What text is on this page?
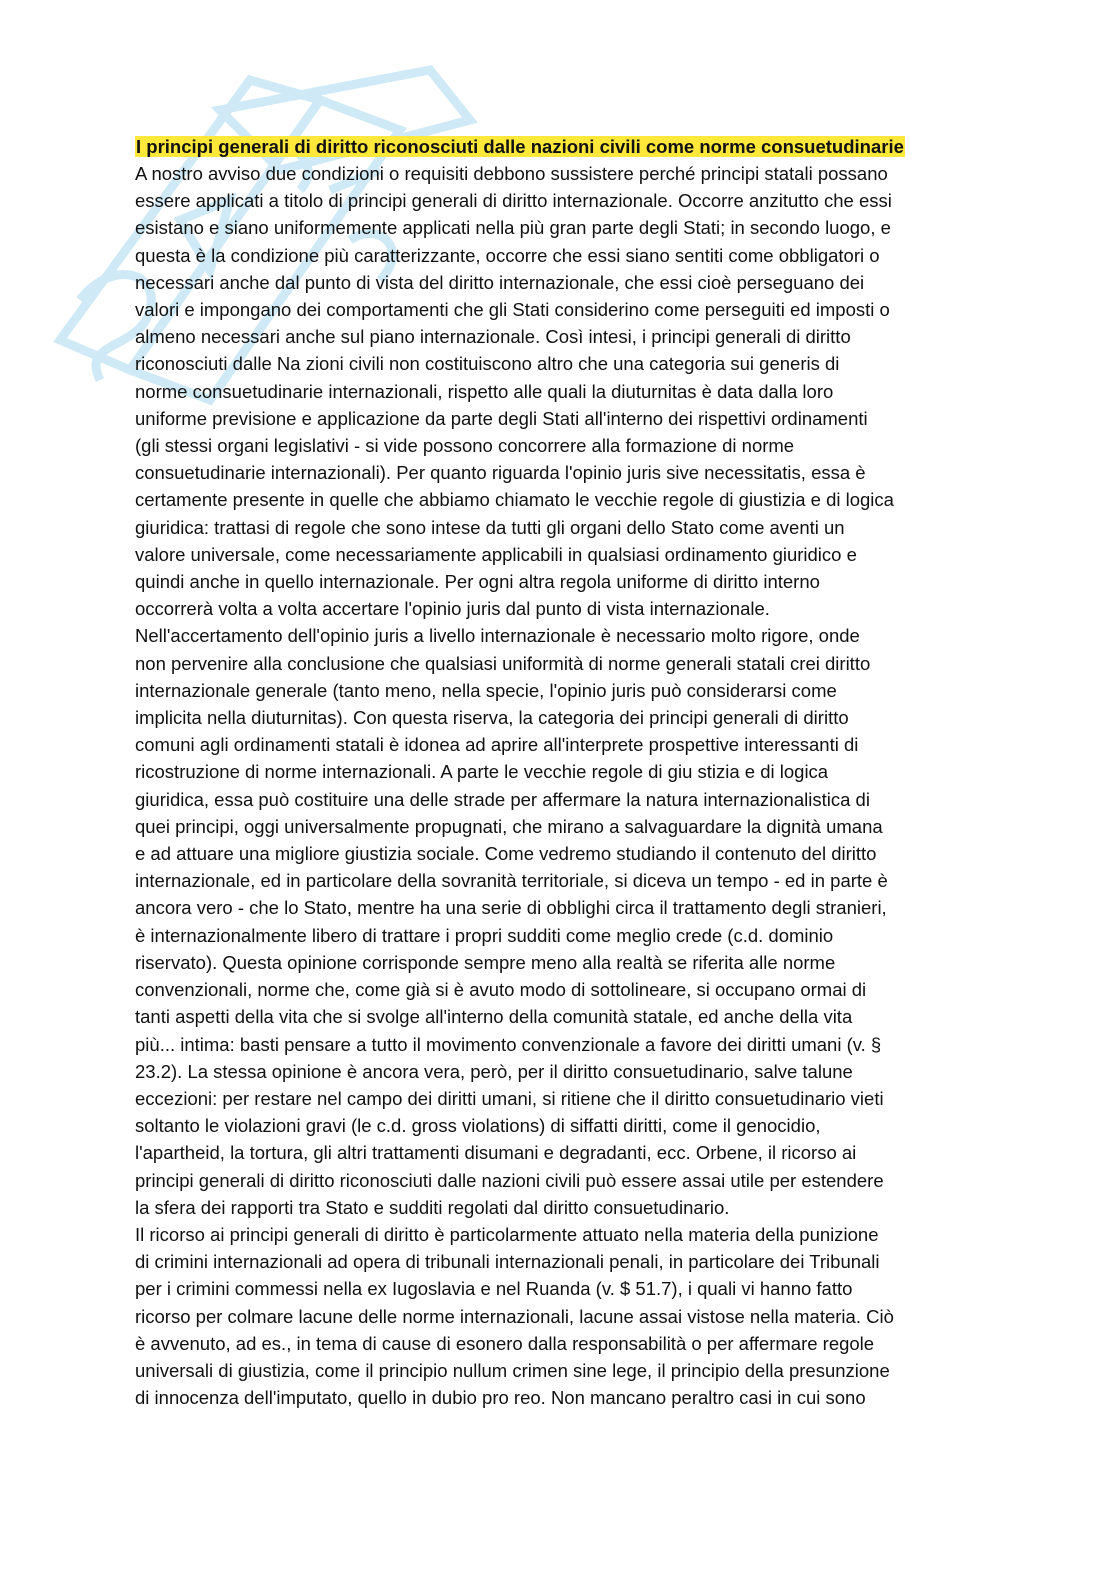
I principi generali di diritto riconosciuti dalle nazioni civili come norme consuetudinarie

A nostro avviso due condizioni o requisiti debbono sussistere perché principi statali possano
essere applicati a titolo di principi generali di diritto internazionale. Occorre anzitutto che essi
esistano e siano uniformemente applicati nella più gran parte degli Stati; in secondo luogo, e
questa è la condizione più caratterizzante, occorre che essi siano sentiti come obbligatori o
necessari anche dal punto di vista del diritto internazionale, che essi cioè perseguano dei
valori e impongano dei comportamenti che gli Stati considerino come perseguiti ed imposti o
almeno necessari anche sul piano internazionale. Così intesi, i principi generali di diritto
riconosciuti dalle Na zioni civili non costituiscono altro che una categoria sui generis di
norme consuetudinarie internazionali, rispetto alle quali la diuturnitas è data dalla loro
uniforme previsione e applicazione da parte degli Stati all'interno dei rispettivi ordinamenti
(gli stessi organi legislativi - si vide possono concorrere alla formazione di norme
consuetudinarie internazionali). Per quanto riguarda l'opinio juris sive necessitatis, essa è
certamente presente in quelle che abbiamo chiamato le vecchie regole di giustizia e di logica
giuridica: trattasi di regole che sono intese da tutti gli organi dello Stato come aventi un
valore universale, come necessariamente applicabili in qualsiasi ordinamento giuridico e
quindi anche in quello internazionale. Per ogni altra regola uniforme di diritto interno
occorrerà volta a volta accertare l'opinio juris dal punto di vista internazionale.

Nell'accertamento dell'opinio juris a livello internazionale è necessario molto rigore, onde
non pervenire alla conclusione che qualsiasi uniformità di norme generali statali crei diritto
internazionale generale (tanto meno, nella specie, l'opinio juris può considerarsi come
implicita nella diuturnitas). Con questa riserva, la categoria dei principi generali di diritto
comuni agli ordinamenti statali è idonea ad aprire all'interprete prospettive interessanti di
ricostruzione di norme internazionali. A parte le vecchie regole di giu stizia e di logica
giuridica, essa può costituire una delle strade per affermare la natura internazionalistica di
quei principi, oggi universalmente propugnati, che mirano a salvaguardare la dignità umana
e ad attuare una migliore giustizia sociale. Come vedremo studiando il contenuto del diritto
internazionale, ed in particolare della sovranità territoriale, si diceva un tempo - ed in parte è
ancora vero - che lo Stato, mentre ha una serie di obblighi circa il trattamento degli stranieri,
è internazionalmente libero di trattare i propri sudditi come meglio crede (c.d. dominio
riservato). Questa opinione corrisponde sempre meno alla realtà se riferita alle norme
convenzionali, norme che, come già si è avuto modo di sottolineare, si occupano ormai di
tanti aspetti della vita che si svolge all'interno della comunità statale, ed anche della vita
più... intima: basti pensare a tutto il movimento convenzionale a favore dei diritti umani (v. §
23.2). La stessa opinione è ancora vera, però, per il diritto consuetudinario, salve talune
eccezioni: per restare nel campo dei diritti umani, si ritiene che il diritto consuetudinario vieti
soltanto le violazioni gravi (le c.d. gross violations) di siffatti diritti, come il genocidio,
l'apartheid, la tortura, gli altri trattamenti disumani e degradanti, ecc. Orbene, il ricorso ai
principi generali di diritto riconosciuti dalle nazioni civili può essere assai utile per estendere
la sfera dei rapporti tra Stato e sudditi regolati dal diritto consuetudinario.

Il ricorso ai principi generali di diritto è particolarmente attuato nella materia della punizione
di crimini internazionali ad opera di tribunali internazionali penali, in particolare dei Tribunali
per i crimini commessi nella ex Iugoslavia e nel Ruanda (v. $ 51.7), i quali vi hanno fatto
ricorso per colmare lacune delle norme internazionali, lacune assai vistose nella materia. Ciò
è avvenuto, ad es., in tema di cause di esonero dalla responsabilità o per affermare regole
universali di giustizia, come il principio nullum crimen sine lege, il principio della presunzione
di innocenza dell'imputato, quello in dubio pro reo. Non mancano peraltro casi in cui sono
